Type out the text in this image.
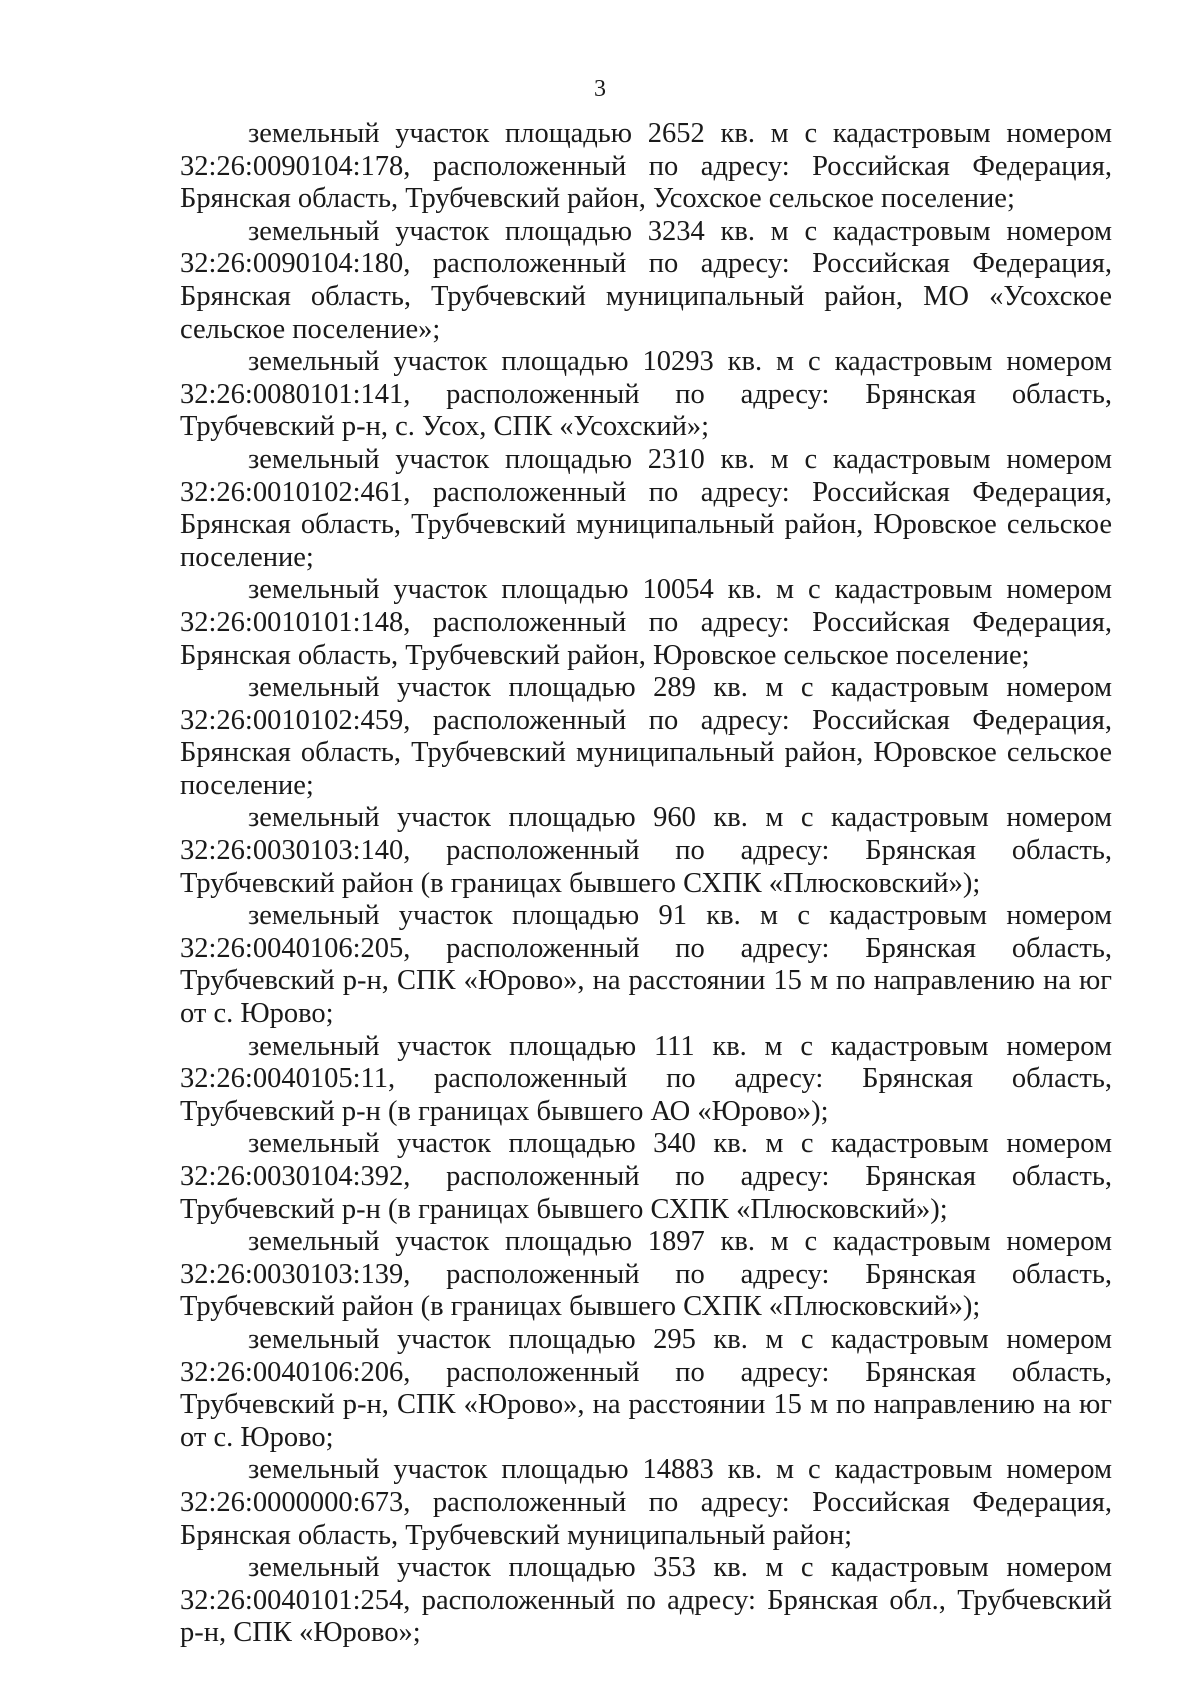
3

земельный участок площадью 2652 кв. м с кадастровым номером 32:26:0090104:178, расположенный по адресу: Российская Федерация, Брянская область, Трубчевский район, Усохское сельское поселение;

земельный участок площадью 3234 кв. м с кадастровым номером 32:26:0090104:180, расположенный по адресу: Российская Федерация, Брянская область, Трубчевский муниципальный район, МО «Усохское сельское поселение»;

земельный участок площадью 10293 кв. м с кадастровым номером 32:26:0080101:141, расположенный по адресу: Брянская область, Трубчевский р-н, с. Усох, СПК «Усохский»;

земельный участок площадью 2310 кв. м с кадастровым номером 32:26:0010102:461, расположенный по адресу: Российская Федерация, Брянская область, Трубчевский муниципальный район, Юровское сельское поселение;

земельный участок площадью 10054 кв. м с кадастровым номером 32:26:0010101:148, расположенный по адресу: Российская Федерация, Брянская область, Трубчевский район, Юровское сельское поселение;

земельный участок площадью 289 кв. м с кадастровым номером 32:26:0010102:459, расположенный по адресу: Российская Федерация, Брянская область, Трубчевский муниципальный район, Юровское сельское поселение;

земельный участок площадью 960 кв. м с кадастровым номером 32:26:0030103:140, расположенный по адресу: Брянская область, Трубчевский район (в границах бывшего СХПК «Плюсковский»);

земельный участок площадью 91 кв. м с кадастровым номером 32:26:0040106:205, расположенный по адресу: Брянская область, Трубчевский р-н, СПК «Юрово», на расстоянии 15 м по направлению на юг от с. Юрово;

земельный участок площадью 111 кв. м с кадастровым номером 32:26:0040105:11, расположенный по адресу: Брянская область, Трубчевский р-н (в границах бывшего АО «Юрово»);

земельный участок площадью 340 кв. м с кадастровым номером 32:26:0030104:392, расположенный по адресу: Брянская область, Трубчевский р-н (в границах бывшего СХПК «Плюсковский»);

земельный участок площадью 1897 кв. м с кадастровым номером 32:26:0030103:139, расположенный по адресу: Брянская область, Трубчевский район (в границах бывшего СХПК «Плюсковский»);

земельный участок площадью 295 кв. м с кадастровым номером 32:26:0040106:206, расположенный по адресу: Брянская область, Трубчевский р-н, СПК «Юрово», на расстоянии 15 м по направлению на юг от с. Юрово;

земельный участок площадью 14883 кв. м с кадастровым номером 32:26:0000000:673, расположенный по адресу: Российская Федерация, Брянская область, Трубчевский муниципальный район;

земельный участок площадью 353 кв. м с кадастровым номером 32:26:0040101:254, расположенный по адресу: Брянская обл., Трубчевский р-н, СПК «Юрово»;
